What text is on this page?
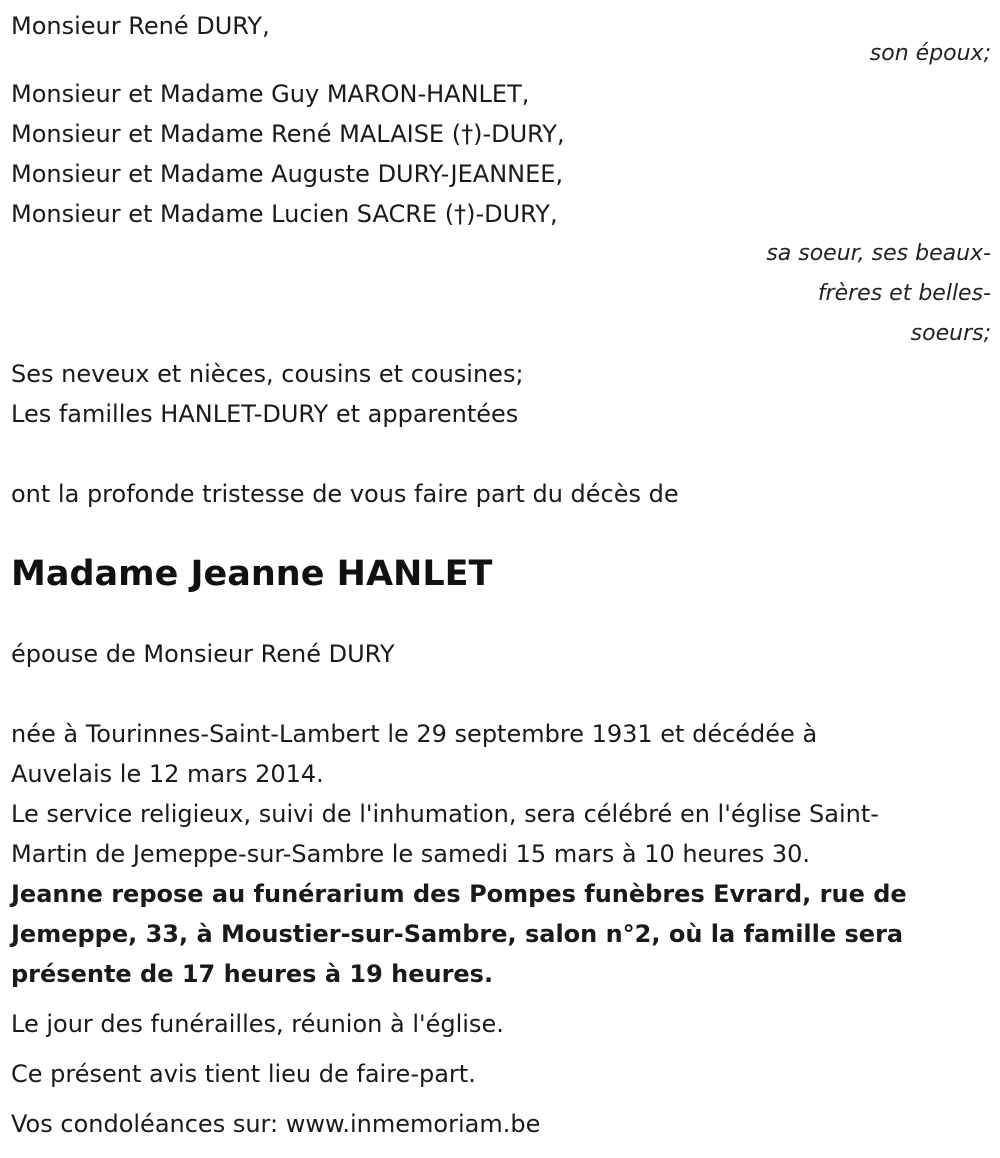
Monsieur René DURY,
son époux;
Monsieur et Madame Guy MARON-HANLET,
Monsieur et Madame René MALAISE (†)-DURY,
Monsieur et Madame Auguste DURY-JEANNEE,
Monsieur et Madame Lucien SACRE (†)-DURY,
sa soeur, ses beaux-
frères et belles-
soeurs;
Ses neveux et nièces, cousins et cousines;
Les familles HANLET-DURY et apparentées
ont la profonde tristesse de vous faire part du décès de
Madame Jeanne HANLET
épouse de Monsieur René DURY
née à Tourinnes-Saint-Lambert le 29 septembre 1931 et décédée à
Auvelais le 12 mars 2014.
Le service religieux, suivi de l'inhumation, sera célébré en l'église Saint-
Martin de Jemeppe-sur-Sambre le samedi 15 mars à 10 heures 30.
Jeanne repose au funérarium des Pompes funèbres Evrard, rue de
Jemeppe, 33, à Moustier-sur-Sambre, salon n°2, où la famille sera
présente de 17 heures à 19 heures.
Le jour des funérailles, réunion à l'église.
Ce présent avis tient lieu de faire-part.
Vos condoléances sur: www.inmemoriam.be
